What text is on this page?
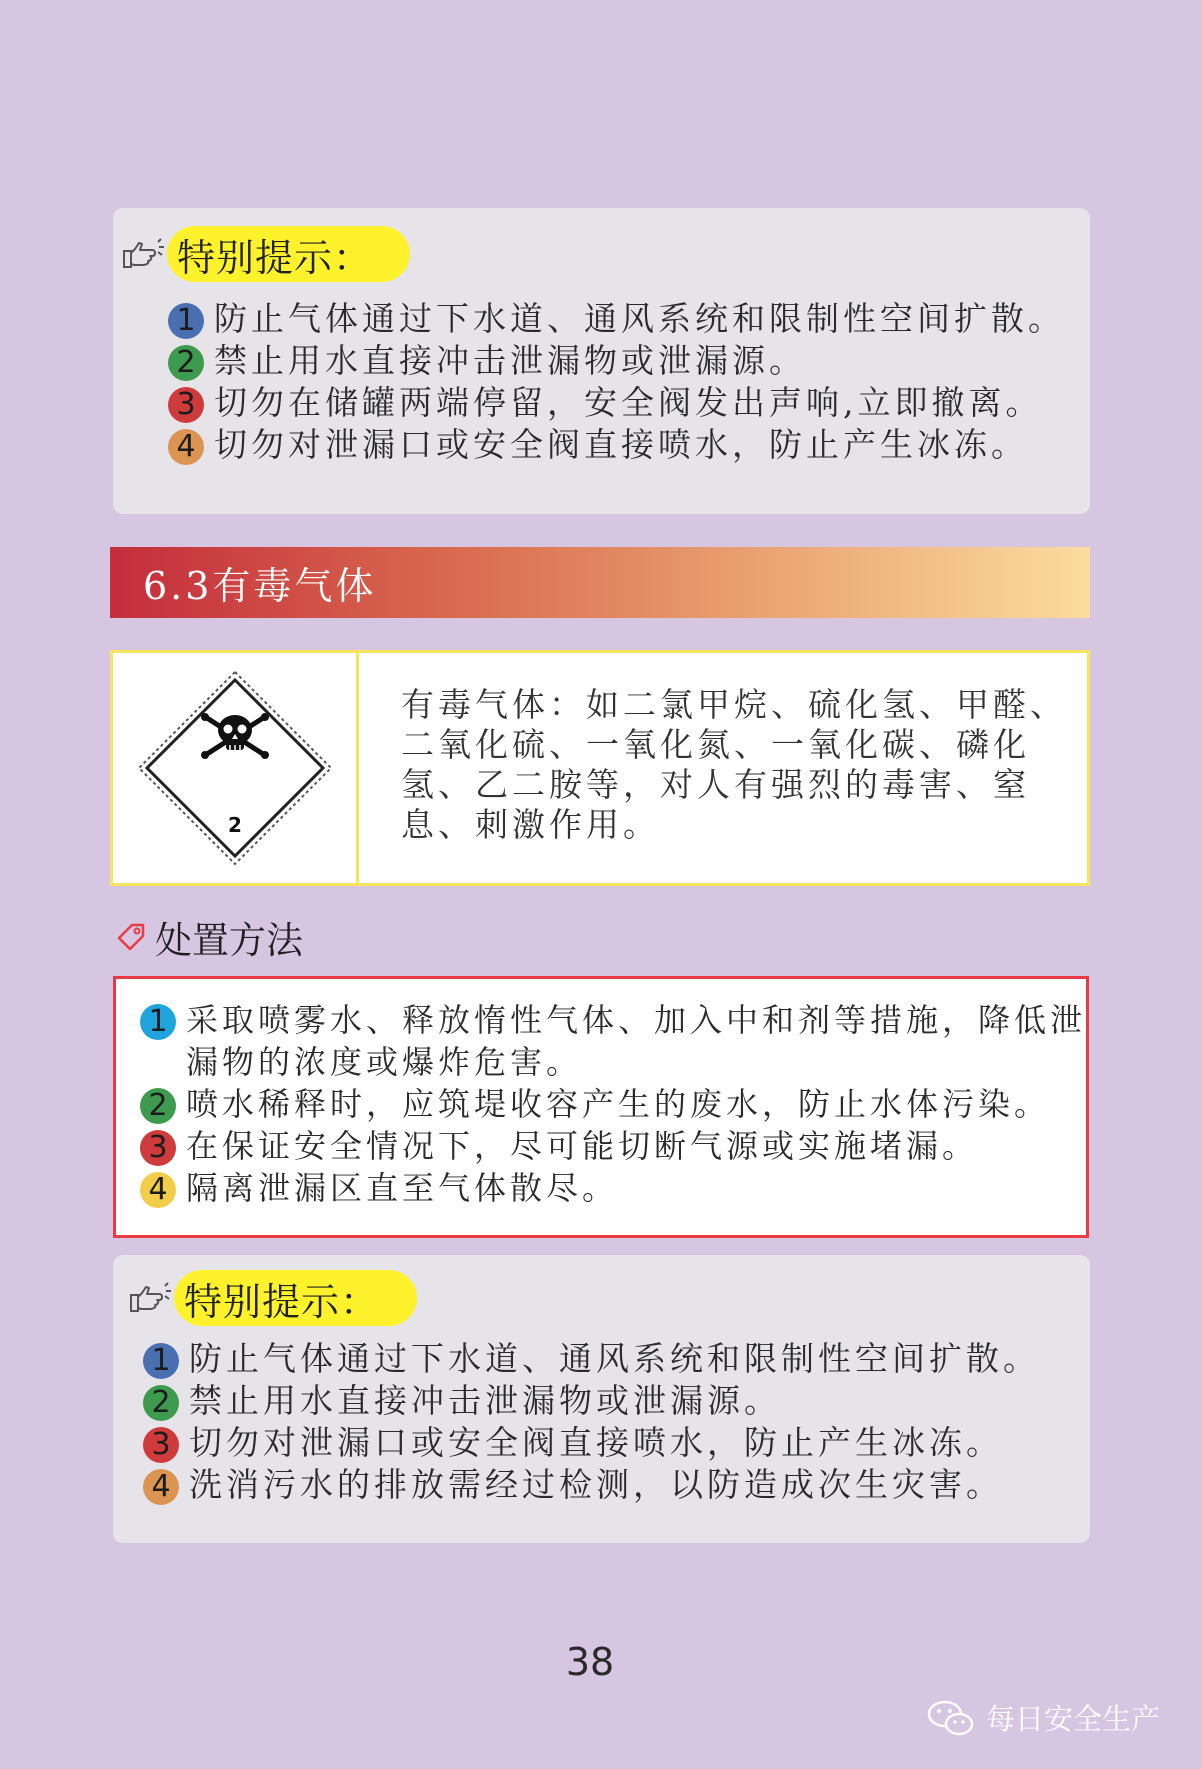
特别提示：
1 防止气体通过下水道、通风系统和限制性空间扩散。
2 禁止用水直接冲击泄漏物或泄漏源。
3 切勿在储罐两端停留，安全阀发出声响,立即撤离。
4 切勿对泄漏口或安全阀直接喷水，防止产生冰冻。
6.3有毒气体
2
有毒气体：如二氯甲烷、硫化氢、甲醛、
二氧化硫、一氧化氮、一氧化碳、磷化
氢、乙二胺等，对人有强烈的毒害、窒
息、刺激作用。
处置方法
1 采取喷雾水、释放惰性气体、加入中和剂等措施，降低泄
漏物的浓度或爆炸危害。
2 喷水稀释时，应筑堤收容产生的废水，防止水体污染。
3 在保证安全情况下，尽可能切断气源或实施堵漏。
4 隔离泄漏区直至气体散尽。
特别提示：
1 防止气体通过下水道、通风系统和限制性空间扩散。
2 禁止用水直接冲击泄漏物或泄漏源。
3 切勿对泄漏口或安全阀直接喷水，防止产生冰冻。
4 洗消污水的排放需经过检测，以防造成次生灾害。
38
每日安全生产
